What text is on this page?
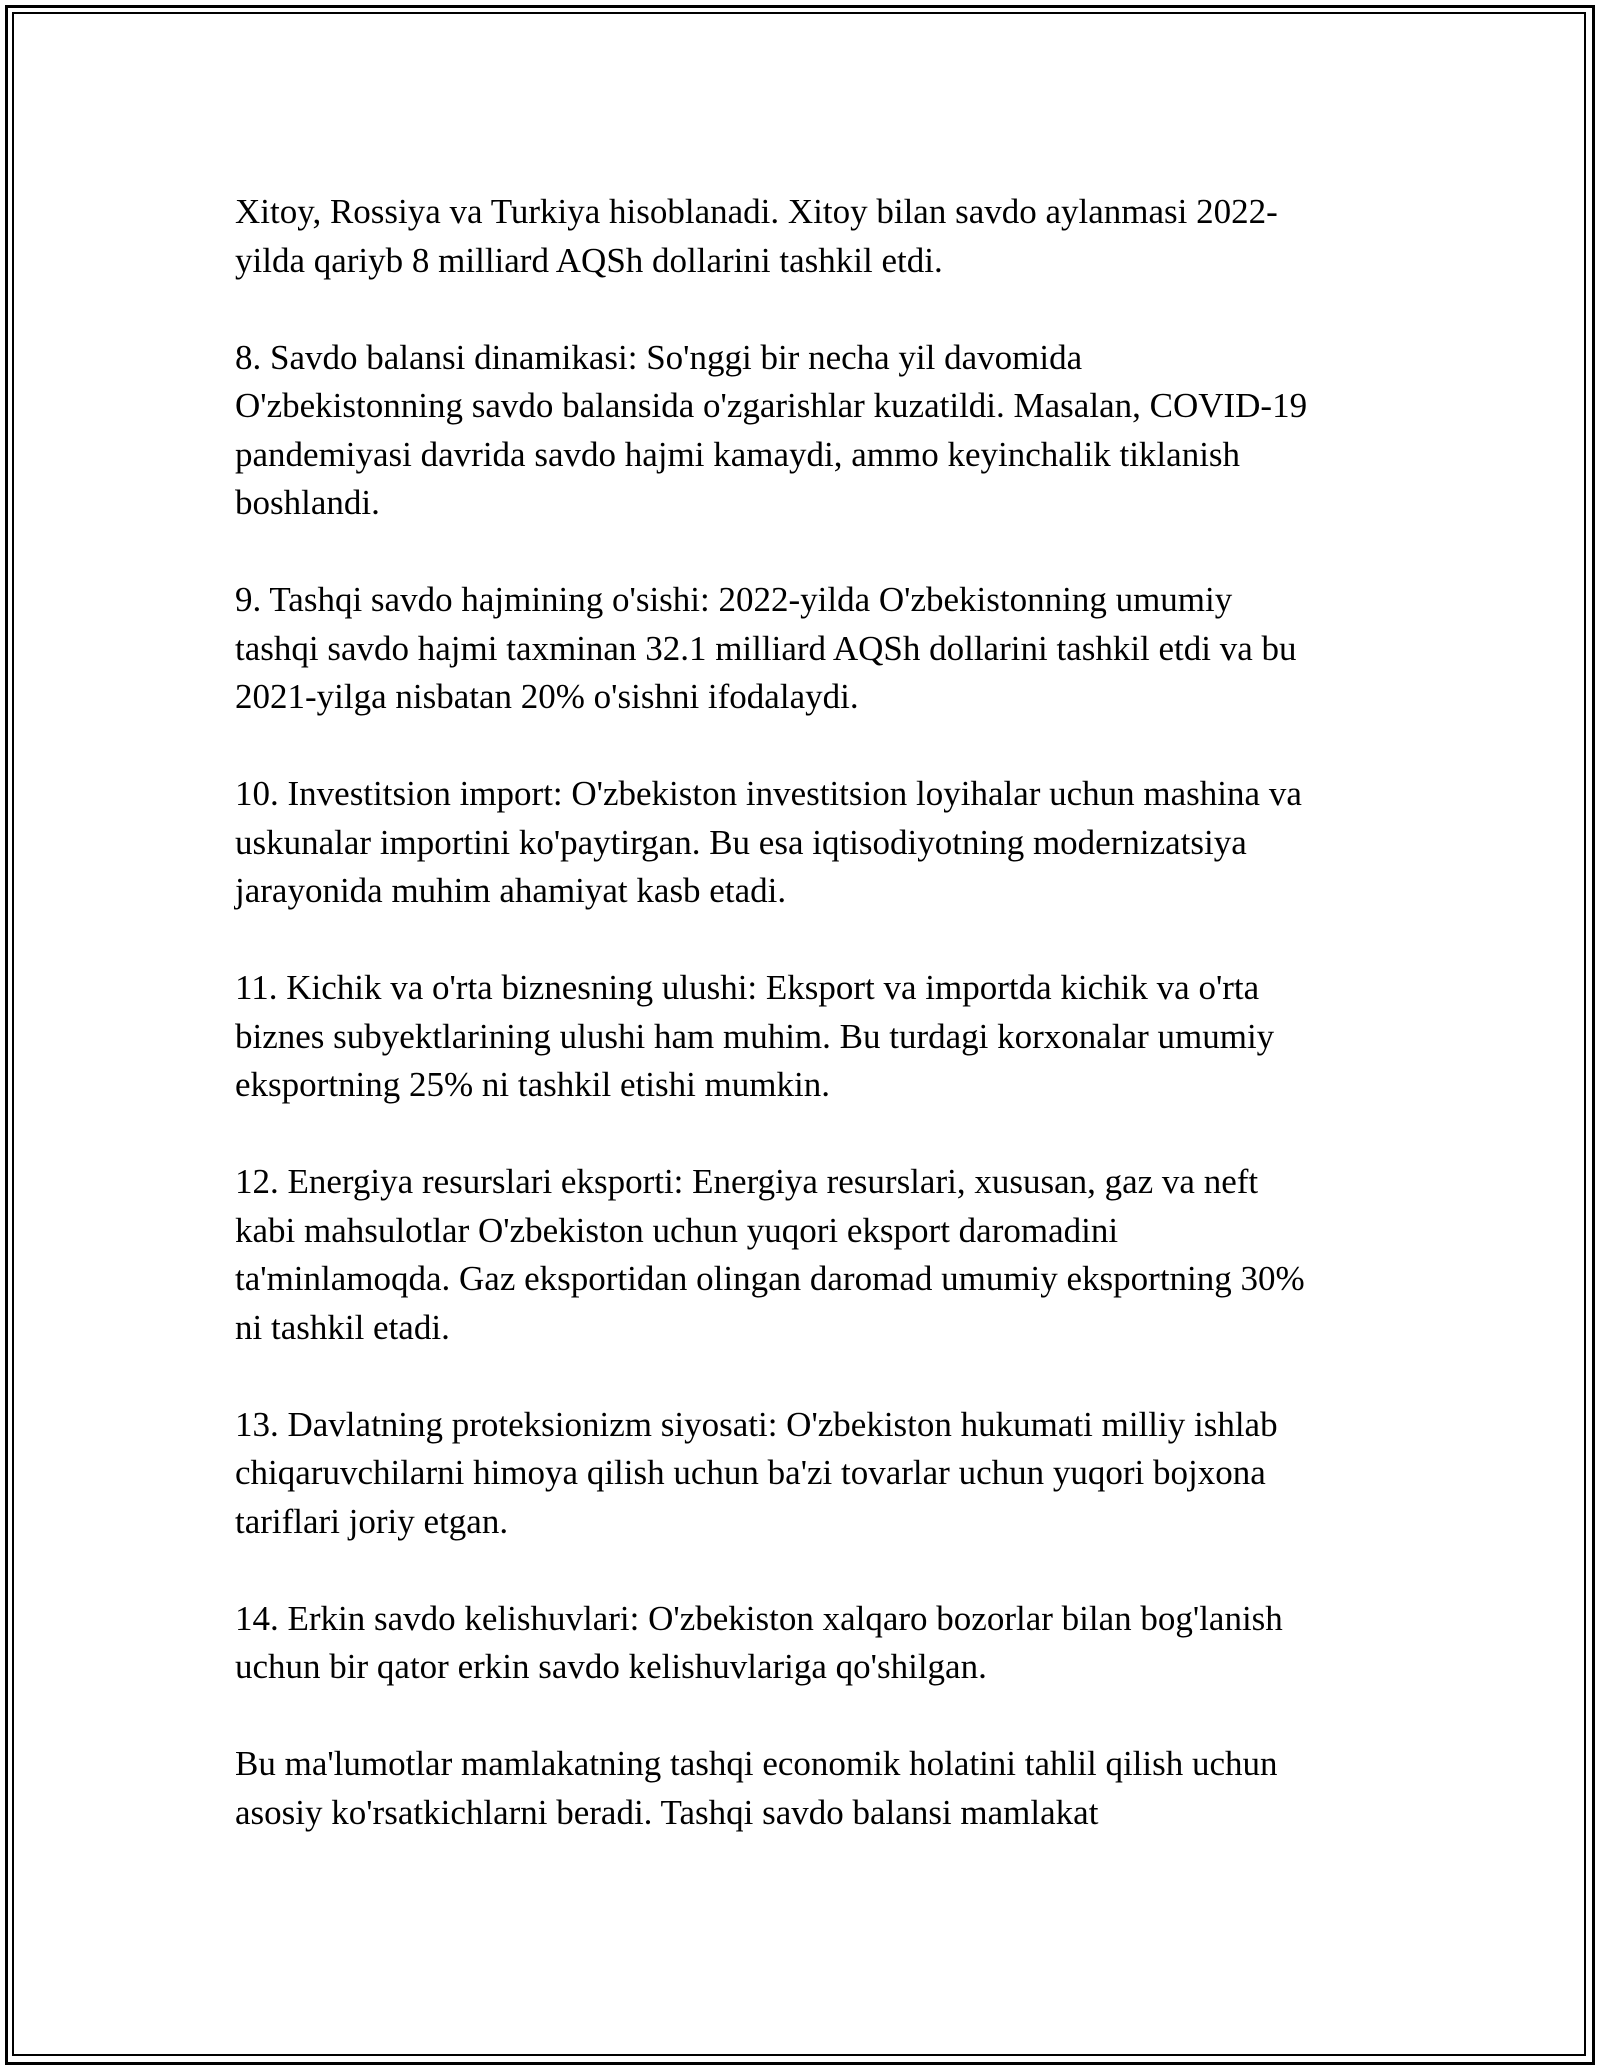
Xitoy, Rossiya va Turkiya hisoblanadi. Xitoy bilan savdo aylanmasi 2022-
yilda qariyb 8 milliard AQSh dollarini tashkil etdi.

8. Savdo balansi dinamikasi: So'nggi bir necha yil davomida
O'zbekistonning savdo balansida o'zgarishlar kuzatildi. Masalan, COVID-19
pandemiyasi davrida savdo hajmi kamaydi, ammo keyinchalik tiklanish
boshlandi.

9. Tashqi savdo hajmining o'sishi: 2022-yilda O'zbekistonning umumiy
tashqi savdo hajmi taxminan 32.1 milliard AQSh dollarini tashkil etdi va bu
2021-yilga nisbatan 20% o'sishni ifodalaydi.

10. Investitsion import: O'zbekiston investitsion loyihalar uchun mashina va
uskunalar importini ko'paytirgan. Bu esa iqtisodiyotning modernizatsiya
jarayonida muhim ahamiyat kasb etadi.

11. Kichik va o'rta biznesning ulushi: Eksport va importda kichik va o'rta
biznes subyektlarining ulushi ham muhim. Bu turdagi korxonalar umumiy
eksportning 25% ni tashkil etishi mumkin.

12. Energiya resurslari eksporti: Energiya resurslari, xususan, gaz va neft
kabi mahsulotlar O'zbekiston uchun yuqori eksport daromadini
ta'minlamoqda. Gaz eksportidan olingan daromad umumiy eksportning 30%
ni tashkil etadi.

13. Davlatning proteksionizm siyosati: O'zbekiston hukumati milliy ishlab
chiqaruvchilarni himoya qilish uchun ba'zi tovarlar uchun yuqori bojxona
tariflari joriy etgan.

14. Erkin savdo kelishuvlari: O'zbekiston xalqaro bozorlar bilan bog'lanish
uchun bir qator erkin savdo kelishuvlariga qo'shilgan.

Bu ma'lumotlar mamlakatning tashqi economik holatini tahlil qilish uchun
asosiy ko'rsatkichlarni beradi. Tashqi savdo balansi mamlakat
